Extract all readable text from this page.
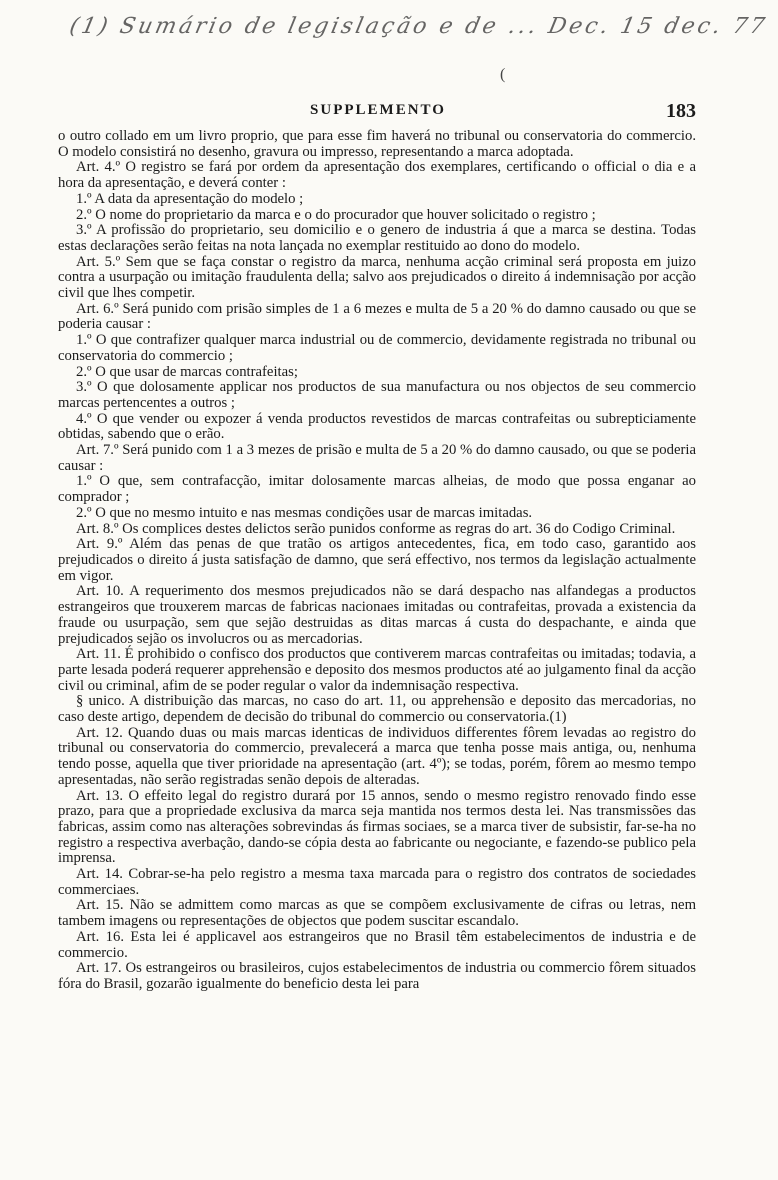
(1) Sumário de legislação e de ... Dec. 15 dec. 77
(
SUPPLEMENTO	183

o outro collado em um livro proprio, que para esse fim haverá no tribunal ou conservatoria do commercio. O modelo consistirá no desenho, gravura ou impresso, representando a marca adoptada.

Art. 4.º O registro se fará por ordem da apresentação dos exemplares, certificando o official o dia e a hora da apresentação, e deverá conter :

1.º A data da apresentação do modelo ;

2.º O nome do proprietario da marca e o do procurador que houver solicitado o registro ;

3.º A profissão do proprietario, seu domicilio e o genero de industria á que a marca se destina. Todas estas declarações serão feitas na nota lançada no exemplar restituido ao dono do modelo.

Art. 5.º Sem que se faça constar o registro da marca, nenhuma acção criminal será proposta em juizo contra a usurpação ou imitação fraudulenta della; salvo aos prejudicados o direito á indemnisação por acção civil que lhes competir.

Art. 6.º Será punido com prisão simples de 1 a 6 mezes e multa de 5 a 20 % do damno causado ou que se poderia causar :

1.º O que contrafizer qualquer marca industrial ou de commercio, devidamente registrada no tribunal ou conservatoria do commercio ;

2.º O que usar de marcas contrafeitas;

3.º O que dolosamente applicar nos productos de sua manufactura ou nos objectos de seu commercio marcas pertencentes a outros ;

4.º O que vender ou expozer á venda productos revestidos de marcas contrafeitas ou subrepticiamente obtidas, sabendo que o erão.

Art. 7.º Será punido com 1 a 3 mezes de prisão e multa de 5 a 20 % do damno causado, ou que se poderia causar :

1.º O que, sem contrafacção, imitar dolosamente marcas alheias, de modo que possa enganar ao comprador ;

2.º O que no mesmo intuito e nas mesmas condições usar de marcas imitadas.

Art. 8.º Os complices destes delictos serão punidos conforme as regras do art. 36 do Codigo Criminal.

Art. 9.º Além das penas de que tratão os artigos antecedentes, fica, em todo caso, garantido aos prejudicados o direito á justa satisfação de damno, que será effectivo, nos termos da legislação actualmente em vigor.

Art. 10. A requerimento dos mesmos prejudicados não se dará despacho nas alfandegas a productos estrangeiros que trouxerem marcas de fabricas nacionaes imitadas ou contrafeitas, provada a existencia da fraude ou usurpação, sem que sejão destruidas as ditas marcas á custa do despachante, e ainda que prejudicados sejão os involucros ou as mercadorias.

Art. 11. É prohibido o confisco dos productos que contiverem marcas contrafeitas ou imitadas; todavia, a parte lesada poderá requerer apprehensão e deposito dos mesmos productos até ao julgamento final da acção civil ou criminal, afim de se poder regular o valor da indemnisação respectiva.

§ unico. A distribuição das marcas, no caso do art. 11, ou apprehensão e deposito das mercadorias, no caso deste artigo, dependem de decisão do tribunal do commercio ou conservatoria.(1)

Art. 12. Quando duas ou mais marcas identicas de individuos differentes fôrem levadas ao registro do tribunal ou conservatoria do commercio, prevalecerá a marca que tenha posse mais antiga, ou, nenhuma tendo posse, aquella que tiver prioridade na apresentação (art. 4º); se todas, porém, fôrem ao mesmo tempo apresentadas, não serão registradas senão depois de alteradas.

Art. 13. O effeito legal do registro durará por 15 annos, sendo o mesmo registro renovado findo esse prazo, para que a propriedade exclusiva da marca seja mantida nos termos desta lei. Nas transmissões das fabricas, assim como nas alterações sobrevindas ás firmas sociaes, se a marca tiver de subsistir, far-se-ha no registro a respectiva averbação, dando-se cópia desta ao fabricante ou negociante, e fazendo-se publico pela imprensa.

Art. 14. Cobrar-se-ha pelo registro a mesma taxa marcada para o registro dos contratos de sociedades commerciaes.

Art. 15. Não se admittem como marcas as que se compõem exclusivamente de cifras ou letras, nem tambem imagens ou representações de objectos que podem suscitar escandalo.

Art. 16. Esta lei é applicavel aos estrangeiros que no Brasil têm estabelecimentos de industria e de commercio.

Art. 17. Os estrangeiros ou brasileiros, cujos estabelecimentos de industria ou commercio fôrem situados fóra do Brasil, gozarão igualmente do beneficio desta lei para
